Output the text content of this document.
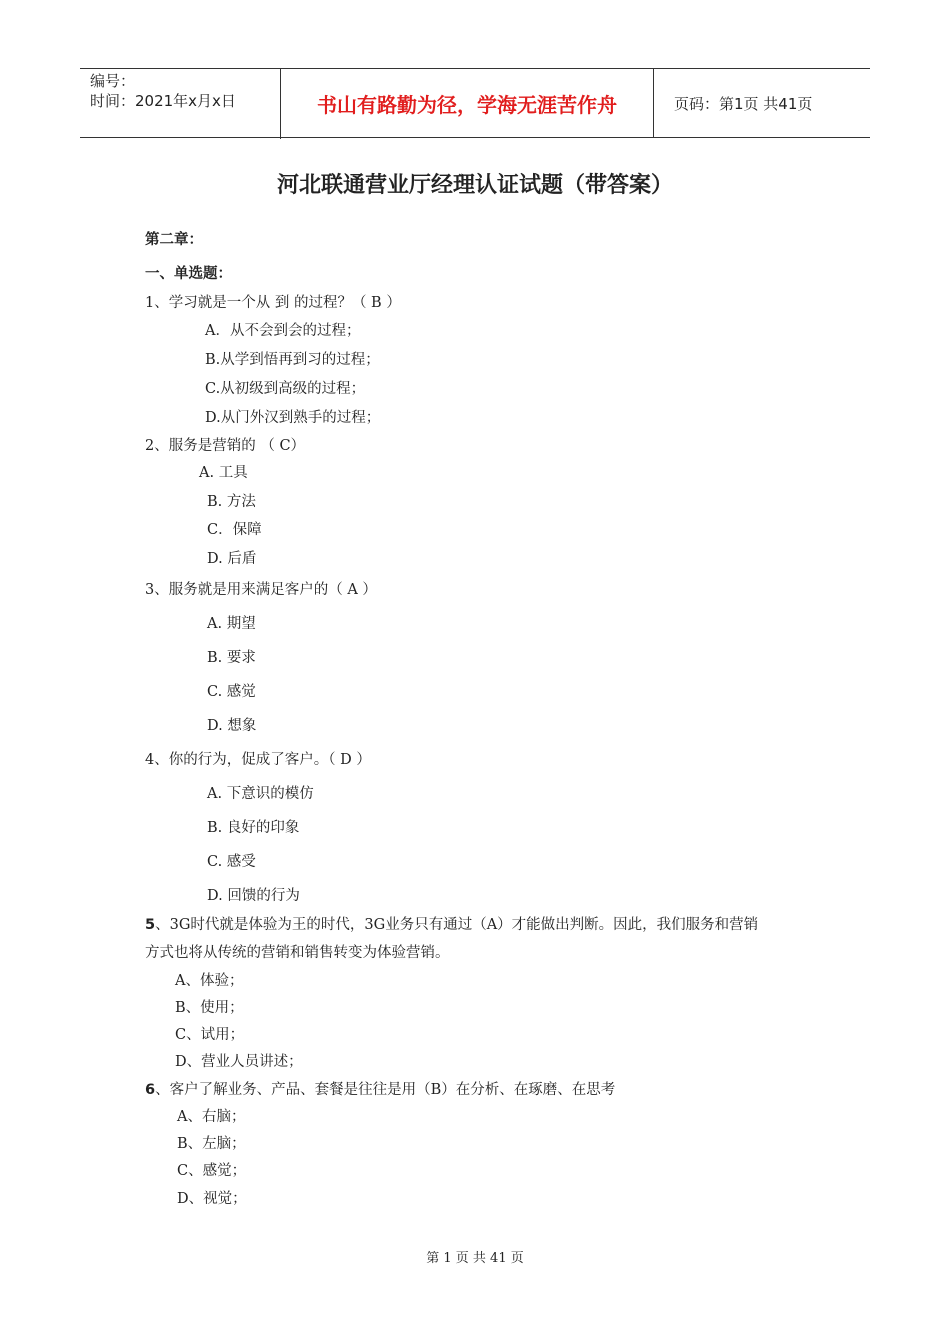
编号：
时间：2021年x月x日	书山有路勤为径，学海无涯苦作舟	页码：第1页 共41页
河北联通营业厅经理认证试题（带答案）
第二章：
一、单选题：
1、学习就是一个从 到 的过程？（ B ）
A．从不会到会的过程；
B.从学到悟再到习的过程；
C.从初级到高级的过程；
D.从门外汉到熟手的过程；
2、服务是营销的 （ C）
A. 工具
B. 方法
C．保障
D. 后盾
3、服务就是用来满足客户的（ A ）
A. 期望
B. 要求
C. 感觉
D. 想象
4、你的行为，促成了客户。（ D ）
A. 下意识的模仿
B. 良好的印象
C. 感受
D. 回馈的行为
5、3G时代就是体验为王的时代，3G业务只有通过（A）才能做出判断。因此，我们服务和营销
方式也将从传统的营销和销售转变为体验营销。
A、体验；
B、使用；
C、试用；
D、营业人员讲述；
6、客户了解业务、产品、套餐是往往是用（B）在分析、在琢磨、在思考
A、右脑；
B、左脑；
C、感觉；
D、视觉；
第 1 页 共 41 页
